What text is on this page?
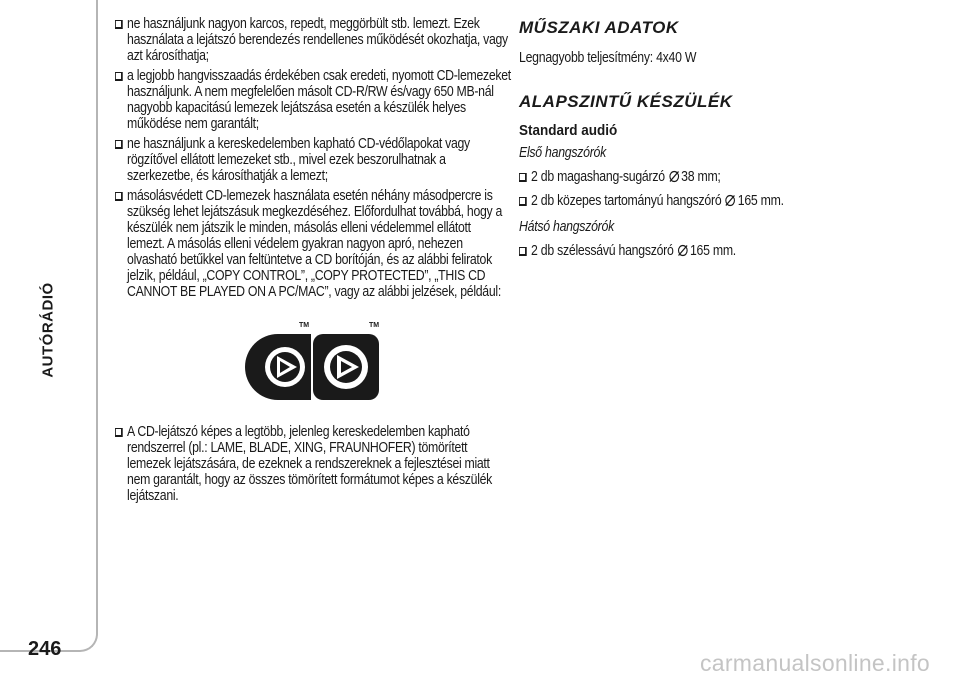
AUTÓRÁDIÓ
246
carmanualsonline.info
ne használjunk nagyon karcos, repedt, meggörbült stb. lemezt. Ezek használata a lejátszó berendezés rendellenes működését okozhatja, vagy azt károsíthatja;
a legjobb hangvisszaadás érdekében csak eredeti, nyomott CD-lemezeket használjunk. A nem megfelelően másolt CD-R/RW és/vagy 650 MB-nál nagyobb kapacitású lemezek lejátszása esetén a készülék helyes működése nem garantált;
ne használjunk a kereskedelemben kapható CD-védőlapokat vagy rögzítővel ellátott lemezeket stb., mivel ezek beszorulhatnak a szerkezetbe, és károsíthatják a lemezt;
másolásvédett CD-lemezek használata esetén néhány másodpercre is szükség lehet lejátszásuk megkezdéséhez. Előfordulhat továbbá, hogy a készülék nem játszik le minden, másolás elleni védelemmel ellátott lemezt. A másolás elleni védelem gyakran nagyon apró, nehezen olvasható betűkkel van feltüntetve a CD borítóján, és az alábbi feliratok jelzik, például, „COPY CONTROL”, „COPY PROTECTED”, „THIS CD CANNOT BE PLAYED ON A PC/MAC”, vagy az alábbi jelzések, például:
TM	TM
A CD-lejátszó képes a legtöbb, jelenleg kereskedelemben kapható rendszerrel (pl.: LAME, BLADE, XING, FRAUNHOFER) tömörített lemezek lejátszására, de ezeknek a rendszereknek a fejlesztései miatt nem garantált, hogy az összes tömörített formátumot képes a készülék lejátszani.
MŰSZAKI ADATOK
Legnagyobb teljesítmény: 4x40 W
ALAPSZINTŰ KÉSZÜLÉK
Standard audió
Első hangszórók
2 db magashang-sugárzó 38 mm;
2 db közepes tartományú hangszóró 165 mm.
Hátsó hangszórók
2 db szélessávú hangszóró 165 mm.
